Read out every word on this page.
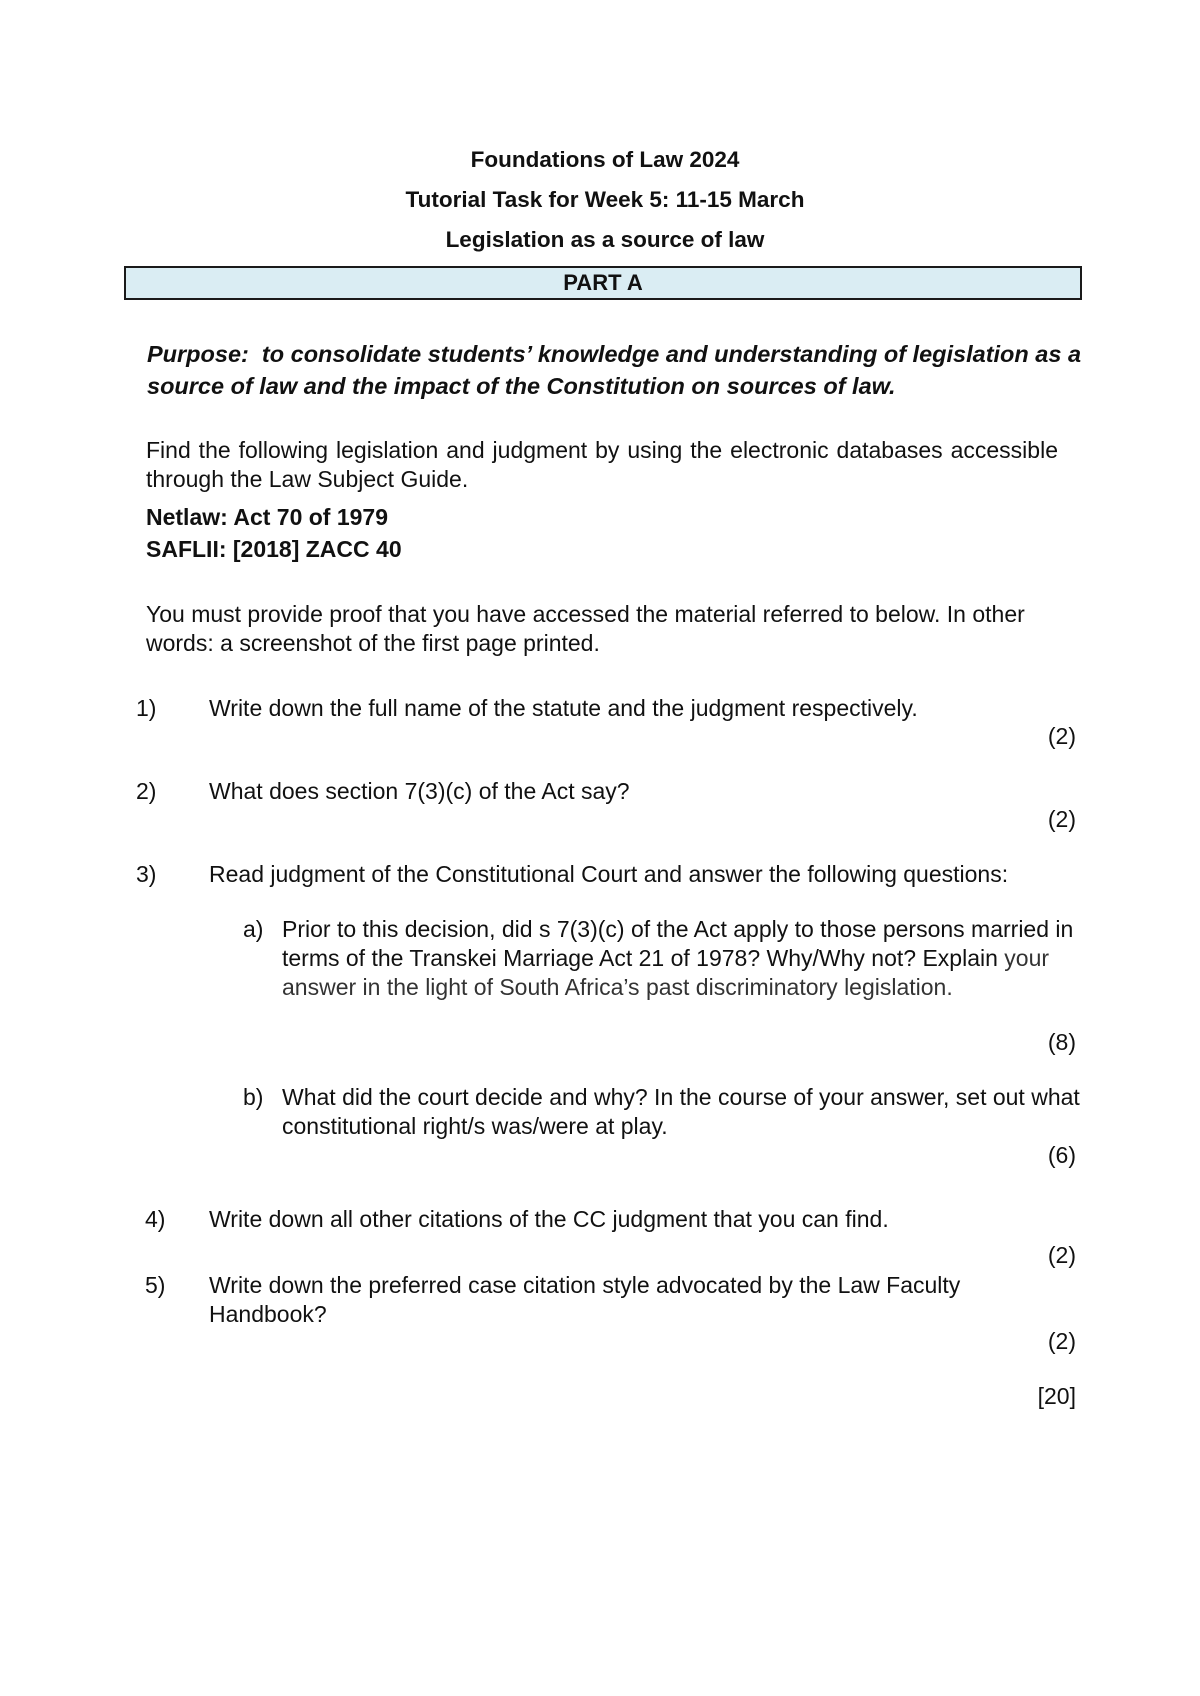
Foundations of Law 2024

Tutorial Task for Week 5: 11-15 March

Legislation as a source of law

PART A

Purpose: to consolidate students’ knowledge and understanding of legislation as a source of law and the impact of the Constitution on sources of law.

Find the following legislation and judgment by using the electronic databases accessible through the Law Subject Guide.

Netlaw: Act 70 of 1979

SAFLII: [2018] ZACC 40

You must provide proof that you have accessed the material referred to below. In other words: a screenshot of the first page printed.

1)	Write down the full name of the statute and the judgment respectively.

(2)

2)	What does section 7(3)(c) of the Act say?

(2)

3)	Read judgment of the Constitutional Court and answer the following questions:

a) Prior to this decision, did s 7(3)(c) of the Act apply to those persons married in terms of the Transkei Marriage Act 21 of 1978? Why/Why not? Explain your answer in the light of South Africa’s past discriminatory legislation.

(8)

b) What did the court decide and why? In the course of your answer, set out what constitutional right/s was/were at play.

(6)

4)	Write down all other citations of the CC judgment that you can find.

(2)

5)	Write down the preferred case citation style advocated by the Law Faculty Handbook?

(2)

[20]
